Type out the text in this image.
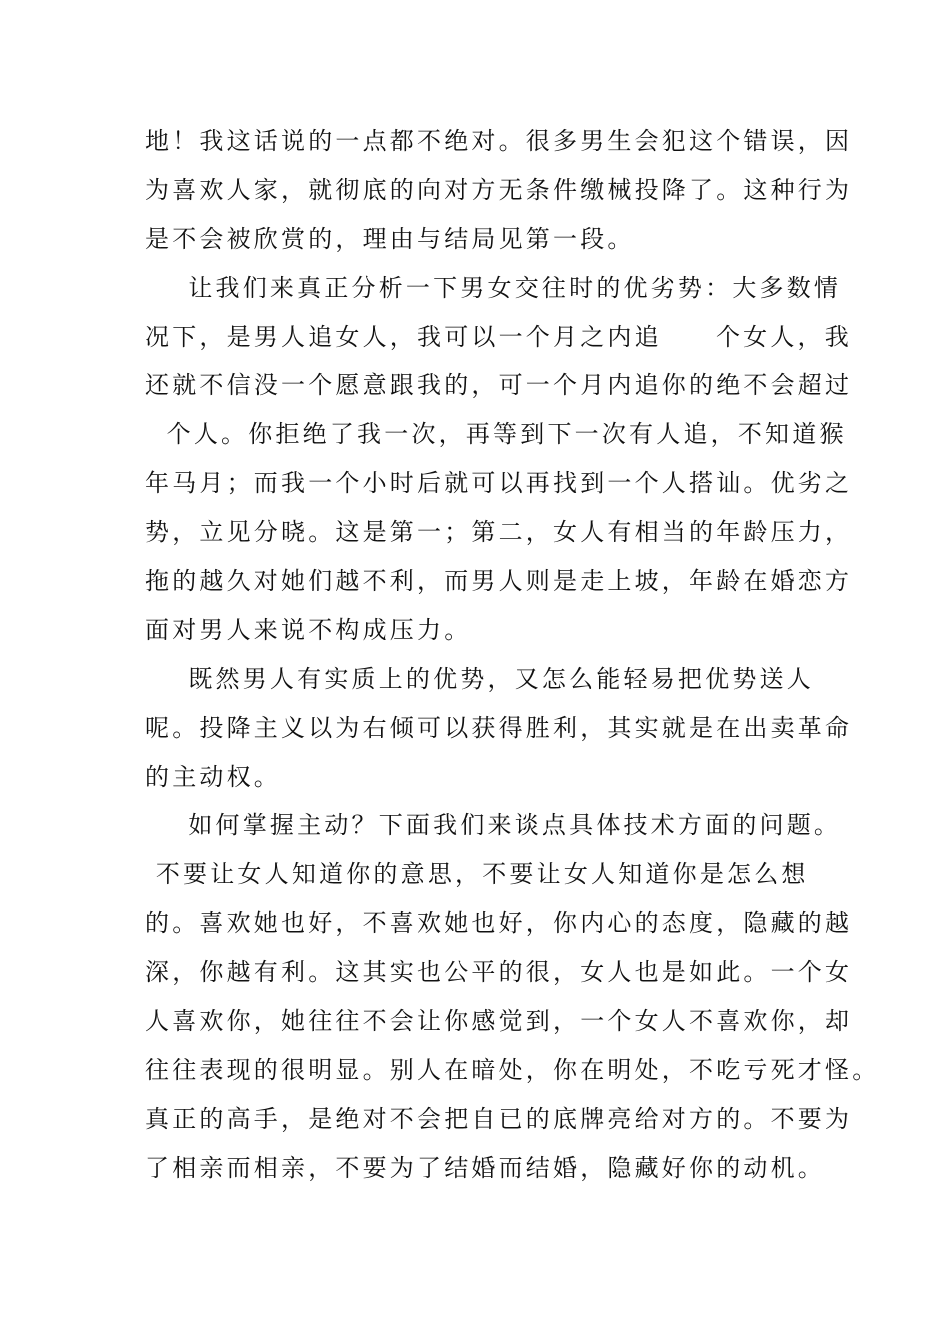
地！我这话说的一点都不绝对。很多男生会犯这个错误，因

为喜欢人家，就彻底的向对方无条件缴械投降了。这种行为

是不会被欣赏的，理由与结局见第一段。

让我们来真正分析一下男女交往时的优劣势：大多数情

况下，是男人追女人，我可以一个月之内追     个女人，我

还就不信没一个愿意跟我的，可一个月内追你的绝不会超过

个人。你拒绝了我一次，再等到下一次有人追，不知道猴

年马月；而我一个小时后就可以再找到一个人搭讪。优劣之

势，立见分晓。这是第一；第二，女人有相当的年龄压力，

拖的越久对她们越不利，而男人则是走上坡，年龄在婚恋方

面对男人来说不构成压力。

既然男人有实质上的优势，又怎么能轻易把优势送人

呢。投降主义以为右倾可以获得胜利，其实就是在出卖革命

的主动权。

如何掌握主动？下面我们来谈点具体技术方面的问题。

不要让女人知道你的意思，不要让女人知道你是怎么想

的。喜欢她也好，不喜欢她也好，你内心的态度，隐藏的越

深，你越有利。这其实也公平的很，女人也是如此。一个女

人喜欢你，她往往不会让你感觉到，一个女人不喜欢你，却

往往表现的很明显。别人在暗处，你在明处，不吃亏死才怪。

真正的高手，是绝对不会把自已的底牌亮给对方的。不要为

了相亲而相亲，不要为了结婚而结婚，隐藏好你的动机。
